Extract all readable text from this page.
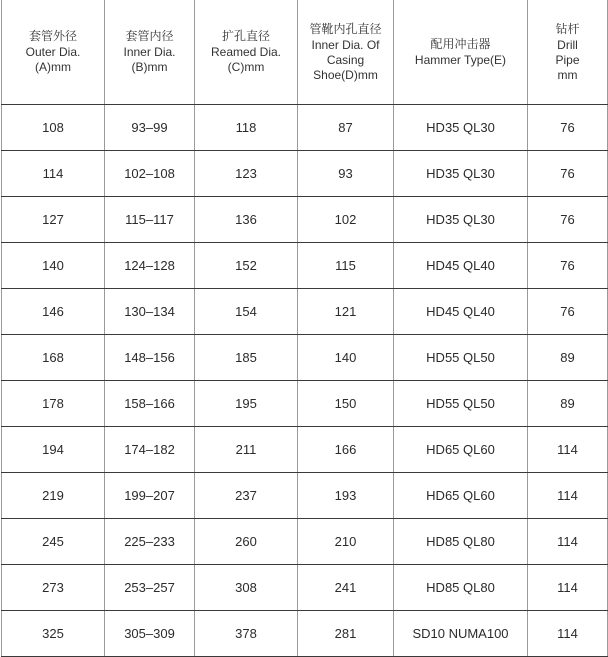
套管外径
Outer Dia.
(A)mm	套管内径
Inner Dia.
(B)mm	扩孔直径
Reamed Dia.
(C)mm	管靴内孔直径
Inner Dia. Of
Casing
Shoe(D)mm	配用冲击器
Hammer Type(E)	钻杆
Drill
Pipe
mm

108	93–99	118	87	HD35 QL30	76
114	102–108	123	93	HD35 QL30	76
127	115–117	136	102	HD35 QL30	76
140	124–128	152	115	HD45 QL40	76
146	130–134	154	121	HD45 QL40	76
168	148–156	185	140	HD55 QL50	89
178	158–166	195	150	HD55 QL50	89
194	174–182	211	166	HD65 QL60	114
219	199–207	237	193	HD65 QL60	114
245	225–233	260	210	HD85 QL80	114
273	253–257	308	241	HD85 QL80	114
325	305–309	378	281	SD10 NUMA100	114
